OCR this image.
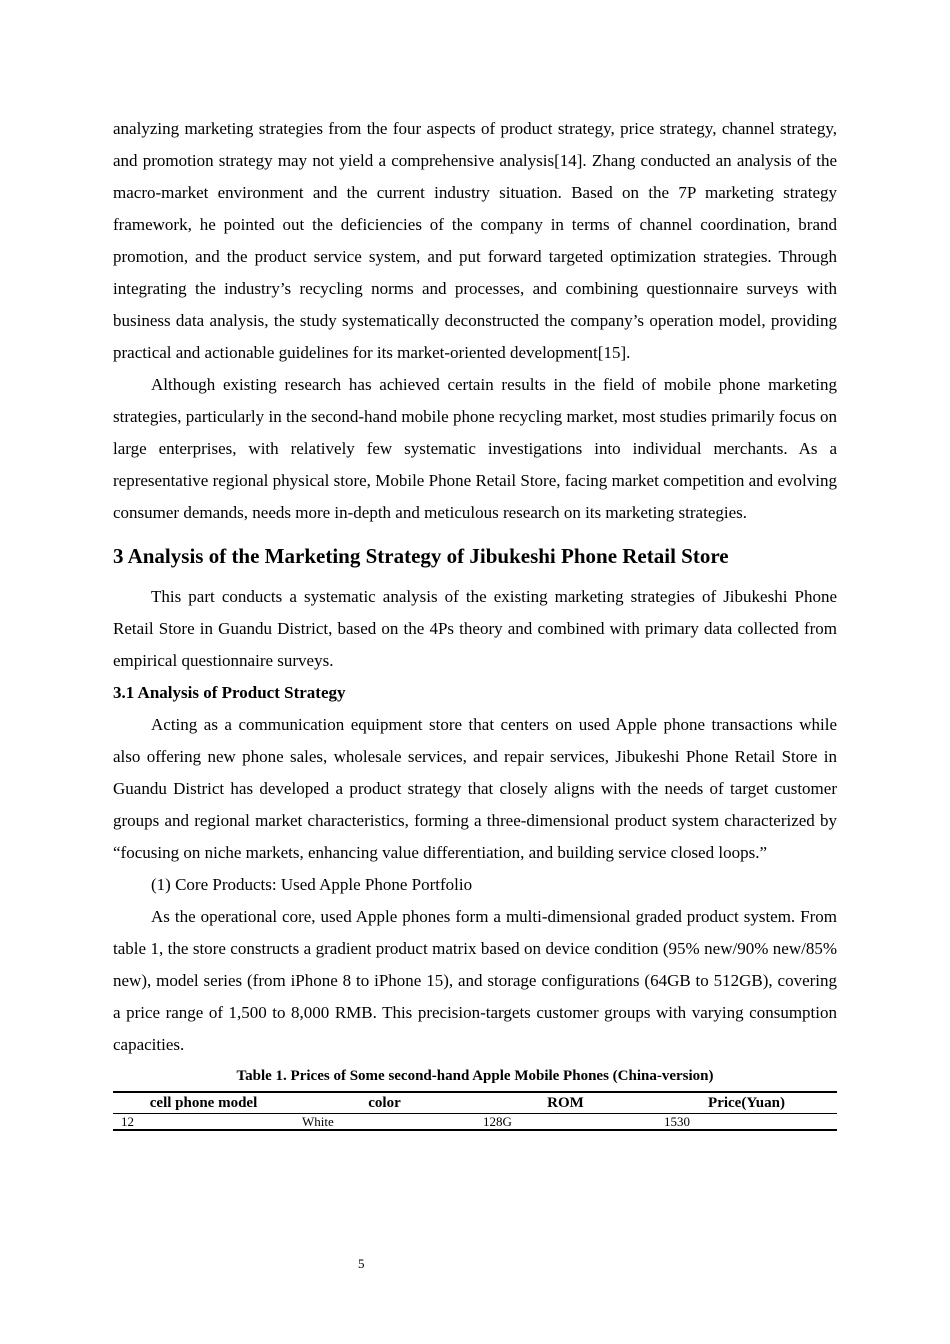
analyzing marketing strategies from the four aspects of product strategy, price strategy, channel strategy, and promotion strategy may not yield a comprehensive analysis[14]. Zhang conducted an analysis of the macro-market environment and the current industry situation. Based on the 7P marketing strategy framework, he pointed out the deficiencies of the company in terms of channel coordination, brand promotion, and the product service system, and put forward targeted optimization strategies. Through integrating the industry’s recycling norms and processes, and combining questionnaire surveys with business data analysis, the study systematically deconstructed the company’s operation model, providing practical and actionable guidelines for its market-oriented development[15].

Although existing research has achieved certain results in the field of mobile phone marketing strategies, particularly in the second-hand mobile phone recycling market, most studies primarily focus on large enterprises, with relatively few systematic investigations into individual merchants. As a representative regional physical store, Mobile Phone Retail Store, facing market competition and evolving consumer demands, needs more in-depth and meticulous research on its marketing strategies.

3 Analysis of the Marketing Strategy of Jibukeshi Phone Retail Store

This part conducts a systematic analysis of the existing marketing strategies of Jibukeshi Phone Retail Store in Guandu District, based on the 4Ps theory and combined with primary data collected from empirical questionnaire surveys.

3.1 Analysis of Product Strategy

Acting as a communication equipment store that centers on used Apple phone transactions while also offering new phone sales, wholesale services, and repair services, Jibukeshi Phone Retail Store in Guandu District has developed a product strategy that closely aligns with the needs of target customer groups and regional market characteristics, forming a three-dimensional product system characterized by “focusing on niche markets, enhancing value differentiation, and building service closed loops.”

(1) Core Products: Used Apple Phone Portfolio

As the operational core, used Apple phones form a multi-dimensional graded product system. From table 1, the store constructs a gradient product matrix based on device condition (95% new/90% new/85% new), model series (from iPhone 8 to iPhone 15), and storage configurations (64GB to 512GB), covering a price range of 1,500 to 8,000 RMB. This precision-targets customer groups with varying consumption capacities.

Table 1. Prices of Some second-hand Apple Mobile Phones (China-version)
cell phone model	color	ROM	Price(Yuan)
12	White	128G	1530
5
